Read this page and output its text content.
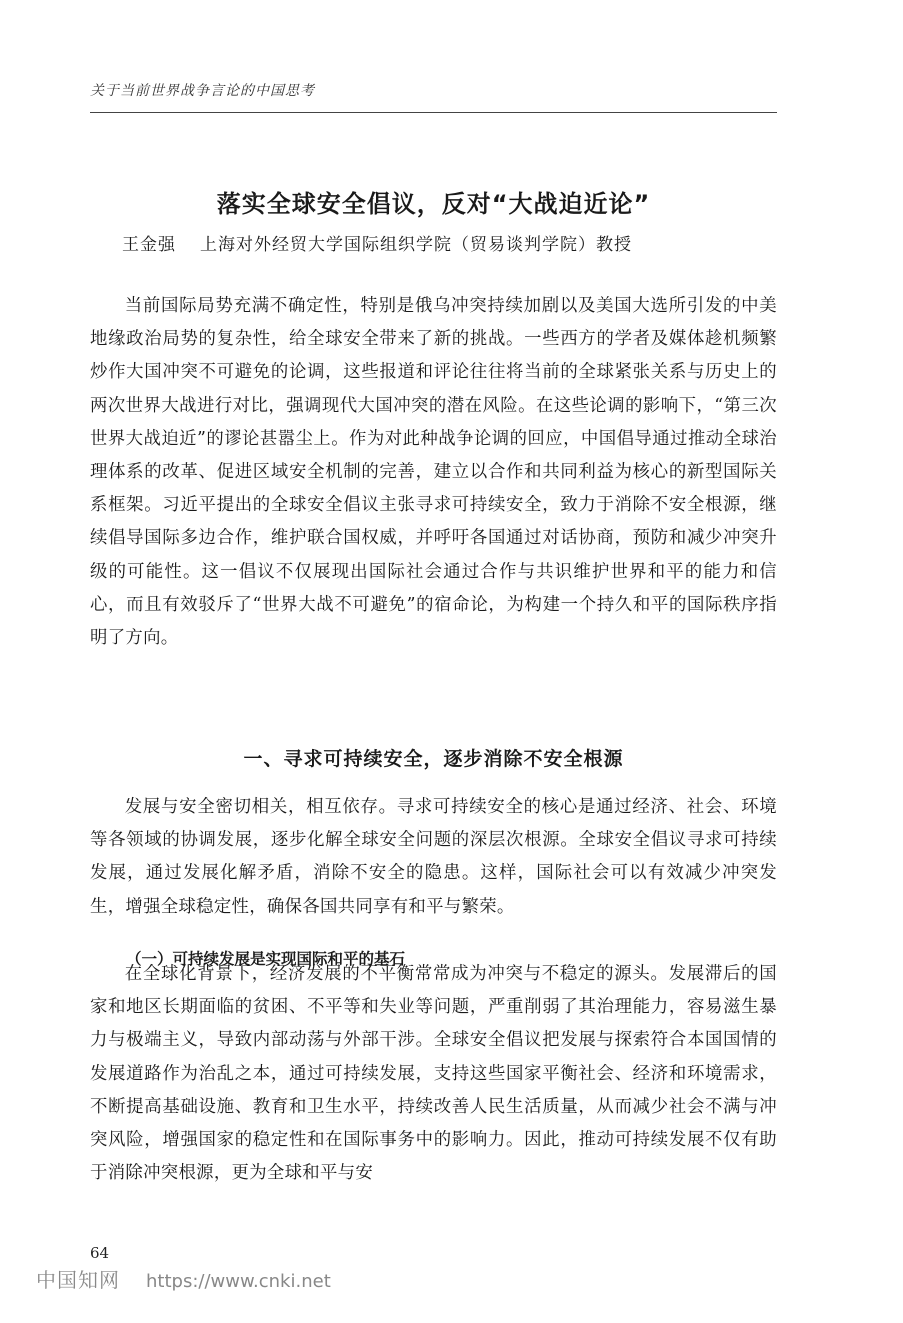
关于当前世界战争言论的中国思考
落实全球安全倡议，反对“大战迫近论”
王金强 上海对外经贸大学国际组织学院（贸易谈判学院）教授

当前国际局势充满不确定性，特别是俄乌冲突持续加剧以及美国大选所引发的中美地缘政治局势的复杂性，给全球安全带来了新的挑战。一些西方的学者及媒体趁机频繁炒作大国冲突不可避免的论调，这些报道和评论往往将当前的全球紧张关系与历史上的两次世界大战进行对比，强调现代大国冲突的潜在风险。在这些论调的影响下，“第三次世界大战迫近”的谬论甚嚣尘上。作为对此种战争论调的回应，中国倡导通过推动全球治理体系的改革、促进区域安全机制的完善，建立以合作和共同利益为核心的新型国际关系框架。习近平提出的全球安全倡议主张寻求可持续安全，致力于消除不安全根源，继续倡导国际多边合作，维护联合国权威，并呼吁各国通过对话协商，预防和减少冲突升级的可能性。这一倡议不仅展现出国际社会通过合作与共识维护世界和平的能力和信心，而且有效驳斥了“世界大战不可避免”的宿命论，为构建一个持久和平的国际秩序指明了方向。

一、寻求可持续安全，逐步消除不安全根源

发展与安全密切相关，相互依存。寻求可持续安全的核心是通过经济、社会、环境等各领域的协调发展，逐步化解全球安全问题的深层次根源。全球安全倡议寻求可持续发展，通过发展化解矛盾，消除不安全的隐患。这样，国际社会可以有效减少冲突发生，增强全球稳定性，确保各国共同享有和平与繁荣。

（一）可持续发展是实现国际和平的基石

在全球化背景下，经济发展的不平衡常常成为冲突与不稳定的源头。发展滞后的国家和地区长期面临的贫困、不平等和失业等问题，严重削弱了其治理能力，容易滋生暴力与极端主义，导致内部动荡与外部干涉。全球安全倡议把发展与探索符合本国国情的发展道路作为治乱之本，通过可持续发展，支持这些国家平衡社会、经济和环境需求，不断提高基础设施、教育和卫生水平，持续改善人民生活质量，从而减少社会不满与冲突风险，增强国家的稳定性和在国际事务中的影响力。因此，推动可持续发展不仅有助于消除冲突根源，更为全球和平与安

64
中国知网 https://www.cnki.net
